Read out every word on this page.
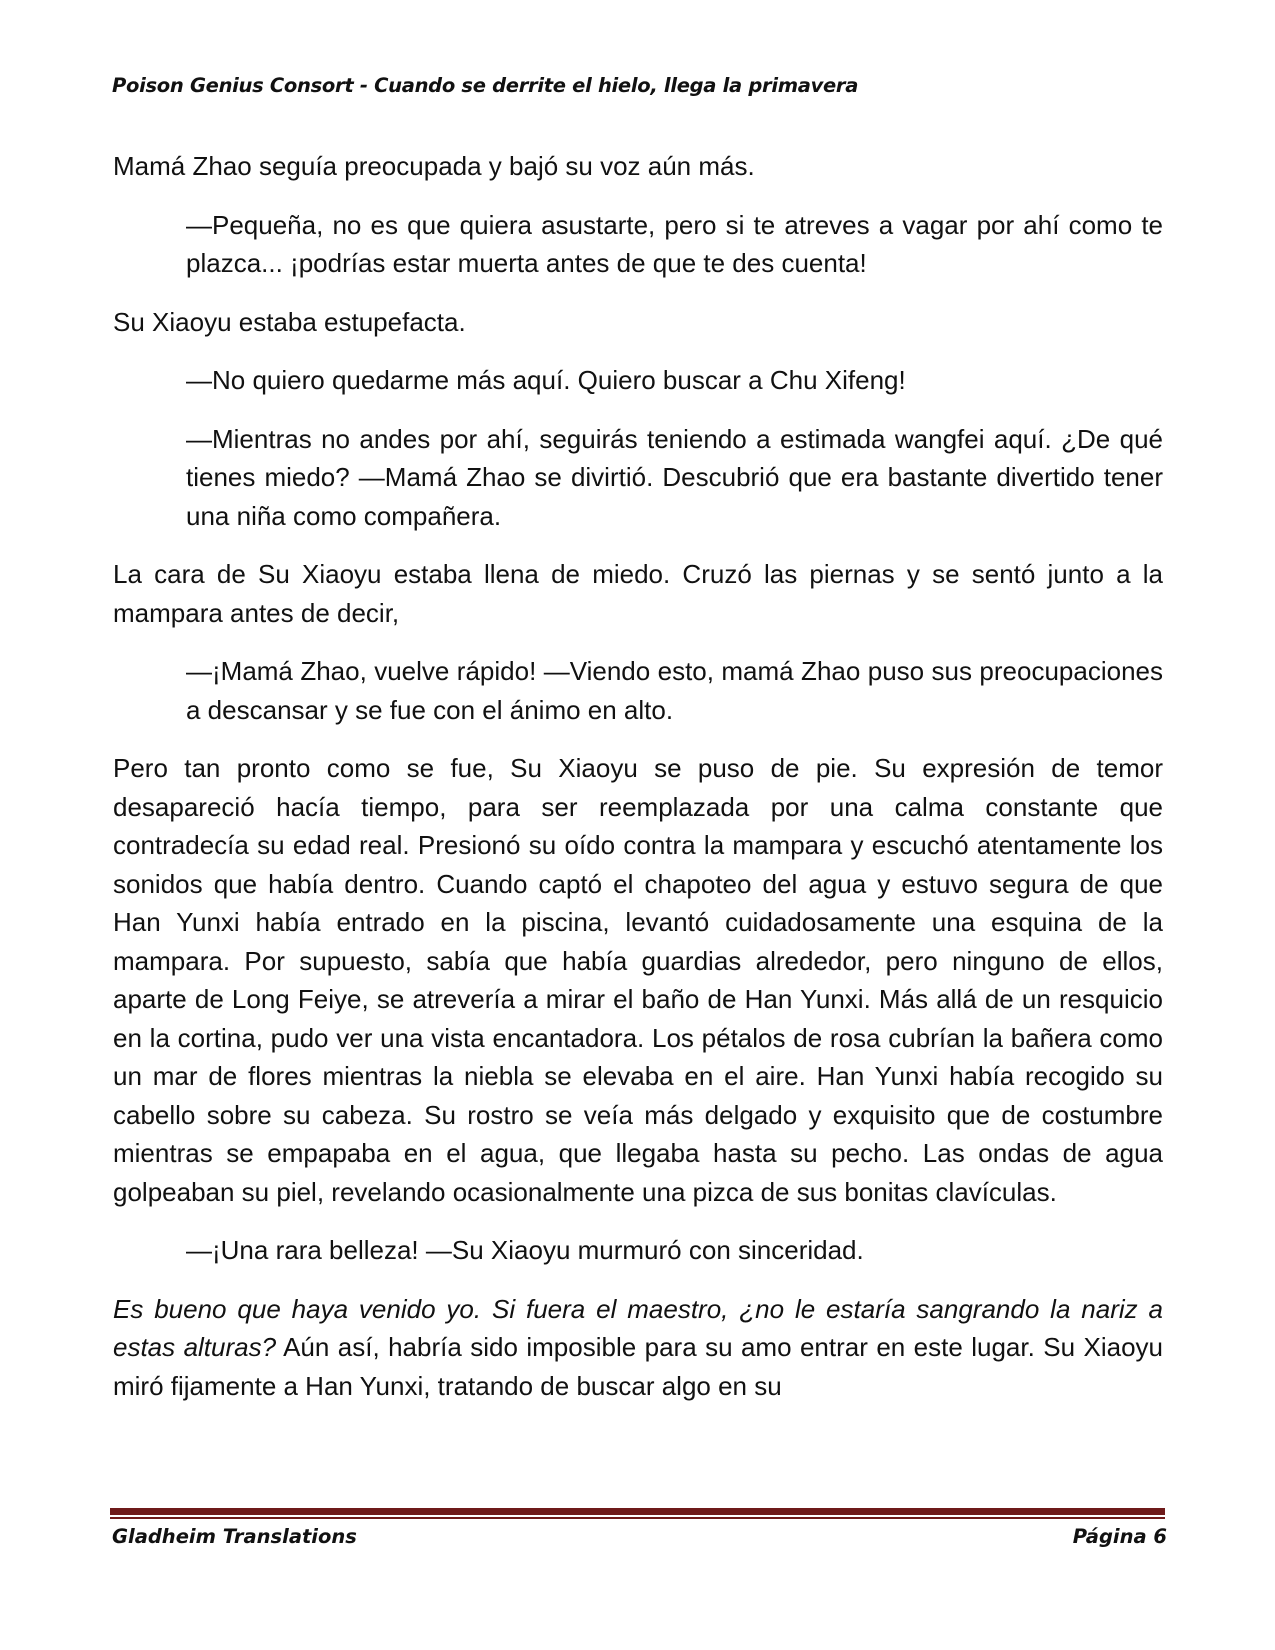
Poison Genius Consort - Cuando se derrite el hielo, llega la primavera

Mamá Zhao seguía preocupada y bajó su voz aún más.

—Pequeña, no es que quiera asustarte, pero si te atreves a vagar por ahí como te plazca... ¡podrías estar muerta antes de que te des cuenta!

Su Xiaoyu estaba estupefacta.

—No quiero quedarme más aquí. Quiero buscar a Chu Xifeng!

—Mientras no andes por ahí, seguirás teniendo a estimada wangfei aquí. ¿De qué tienes miedo? —Mamá Zhao se divirtió. Descubrió que era bastante divertido tener una niña como compañera.

La cara de Su Xiaoyu estaba llena de miedo. Cruzó las piernas y se sentó junto a la mampara antes de decir,

—¡Mamá Zhao, vuelve rápido! —Viendo esto, mamá Zhao puso sus preocupaciones a descansar y se fue con el ánimo en alto.

Pero tan pronto como se fue, Su Xiaoyu se puso de pie. Su expresión de temor desapareció hacía tiempo, para ser reemplazada por una calma constante que contradecía su edad real. Presionó su oído contra la mampara y escuchó atentamente los sonidos que había dentro. Cuando captó el chapoteo del agua y estuvo segura de que Han Yunxi había entrado en la piscina, levantó cuidadosamente una esquina de la mampara. Por supuesto, sabía que había guardias alrededor, pero ninguno de ellos, aparte de Long Feiye, se atrevería a mirar el baño de Han Yunxi. Más allá de un resquicio en la cortina, pudo ver una vista encantadora. Los pétalos de rosa cubrían la bañera como un mar de flores mientras la niebla se elevaba en el aire. Han Yunxi había recogido su cabello sobre su cabeza. Su rostro se veía más delgado y exquisito que de costumbre mientras se empapaba en el agua, que llegaba hasta su pecho. Las ondas de agua golpeaban su piel, revelando ocasionalmente una pizca de sus bonitas clavículas.

—¡Una rara belleza! —Su Xiaoyu murmuró con sinceridad.

Es bueno que haya venido yo. Si fuera el maestro, ¿no le estaría sangrando la nariz a estas alturas? Aún así, habría sido imposible para su amo entrar en este lugar. Su Xiaoyu miró fijamente a Han Yunxi, tratando de buscar algo en su

Gladheim Translations	Página 6
